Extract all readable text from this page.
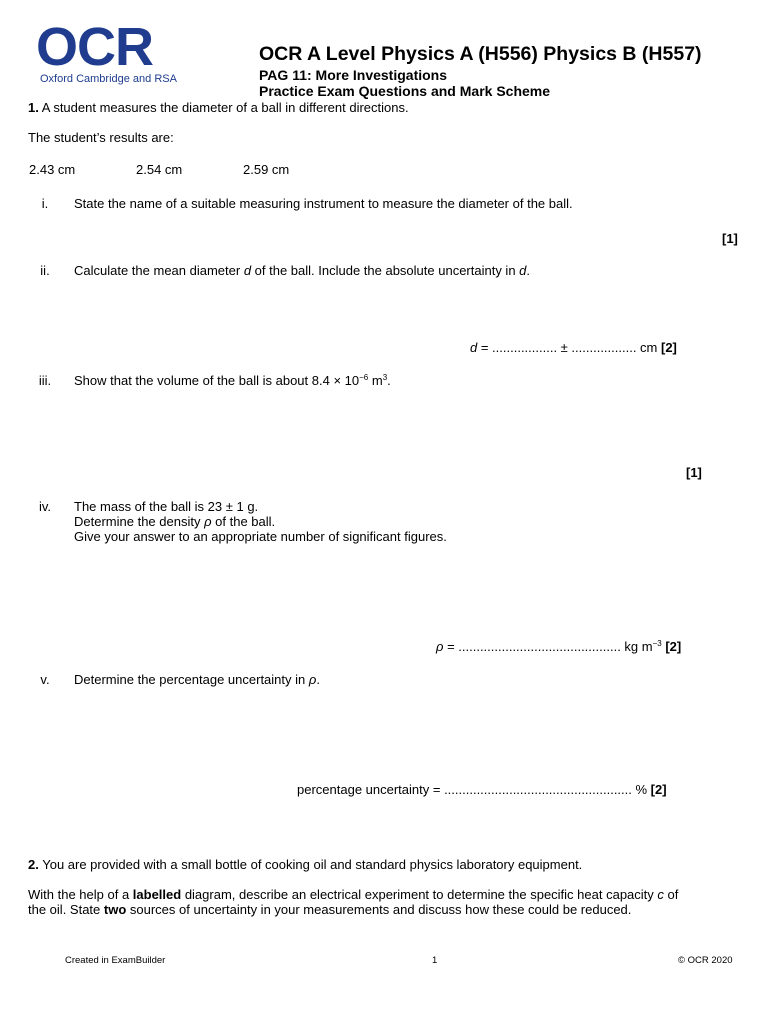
OCR
Oxford Cambridge and RSA
OCR A Level Physics A (H556) Physics B (H557)
PAG 11: More Investigations
Practice Exam Questions and Mark Scheme
1. A student measures the diameter of a ball in different directions.
The student’s results are:
2.43 cm	2.54 cm	2.59 cm
i.	State the name of a suitable measuring instrument to measure the diameter of the ball.
[1]
ii.	Calculate the mean diameter d of the ball. Include the absolute uncertainty in d.
d = .................. ± .................. cm [2]
iii.	Show that the volume of the ball is about $8.4 \times 10^{-6}$ $m^3$.
[1]
iv.	The mass of the ball is 23 ± 1 g.
Determine the density ρ of the ball.
Give your answer to an appropriate number of significant figures.
ρ = ............................................. kg $m^{-3}$ [2]
v.	Determine the percentage uncertainty in ρ.
percentage uncertainty = .................................................... % [2]
2. You are provided with a small bottle of cooking oil and standard physics laboratory equipment.
With the help of a labelled diagram, describe an electrical experiment to determine the specific heat capacity c of
the oil. State two sources of uncertainty in your measurements and discuss how these could be reduced.
Created in ExamBuilder	1	© OCR 2020
